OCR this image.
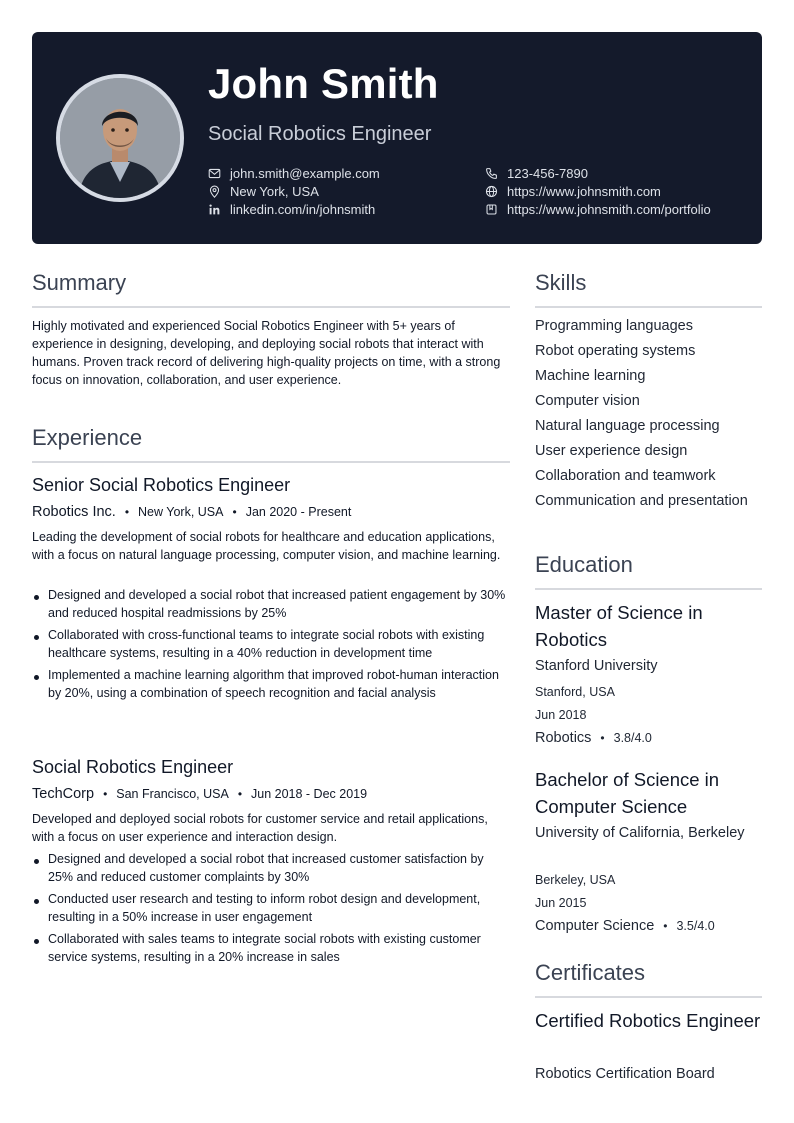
John Smith
Social Robotics Engineer
john.smith@example.com
New York, USA
linkedin.com/in/johnsmith
123-456-7890
https://www.johnsmith.com
https://www.johnsmith.com/portfolio
Summary
Highly motivated and experienced Social Robotics Engineer with 5+ years of experience in designing, developing, and deploying social robots that interact with humans. Proven track record of delivering high-quality projects on time, with a strong focus on innovation, collaboration, and user experience.
Experience
Senior Social Robotics Engineer
Robotics Inc. • New York, USA • Jan 2020 - Present
Leading the development of social robots for healthcare and education applications, with a focus on natural language processing, computer vision, and machine learning.
Designed and developed a social robot that increased patient engagement by 30% and reduced hospital readmissions by 25%
Collaborated with cross-functional teams to integrate social robots with existing healthcare systems, resulting in a 40% reduction in development time
Implemented a machine learning algorithm that improved robot-human interaction by 20%, using a combination of speech recognition and facial analysis
Social Robotics Engineer
TechCorp • San Francisco, USA • Jun 2018 - Dec 2019
Developed and deployed social robots for customer service and retail applications, with a focus on user experience and interaction design.
Designed and developed a social robot that increased customer satisfaction by 25% and reduced customer complaints by 30%
Conducted user research and testing to inform robot design and development, resulting in a 50% increase in user engagement
Collaborated with sales teams to integrate social robots with existing customer service systems, resulting in a 20% increase in sales
Skills
Programming languages
Robot operating systems
Machine learning
Computer vision
Natural language processing
User experience design
Collaboration and teamwork
Communication and presentation
Education
Master of Science in Robotics
Stanford University
Stanford, USA
Jun 2018
Robotics • 3.8/4.0
Bachelor of Science in Computer Science
University of California, Berkeley
Berkeley, USA
Jun 2015
Computer Science • 3.5/4.0
Certificates
Certified Robotics Engineer
Robotics Certification Board
